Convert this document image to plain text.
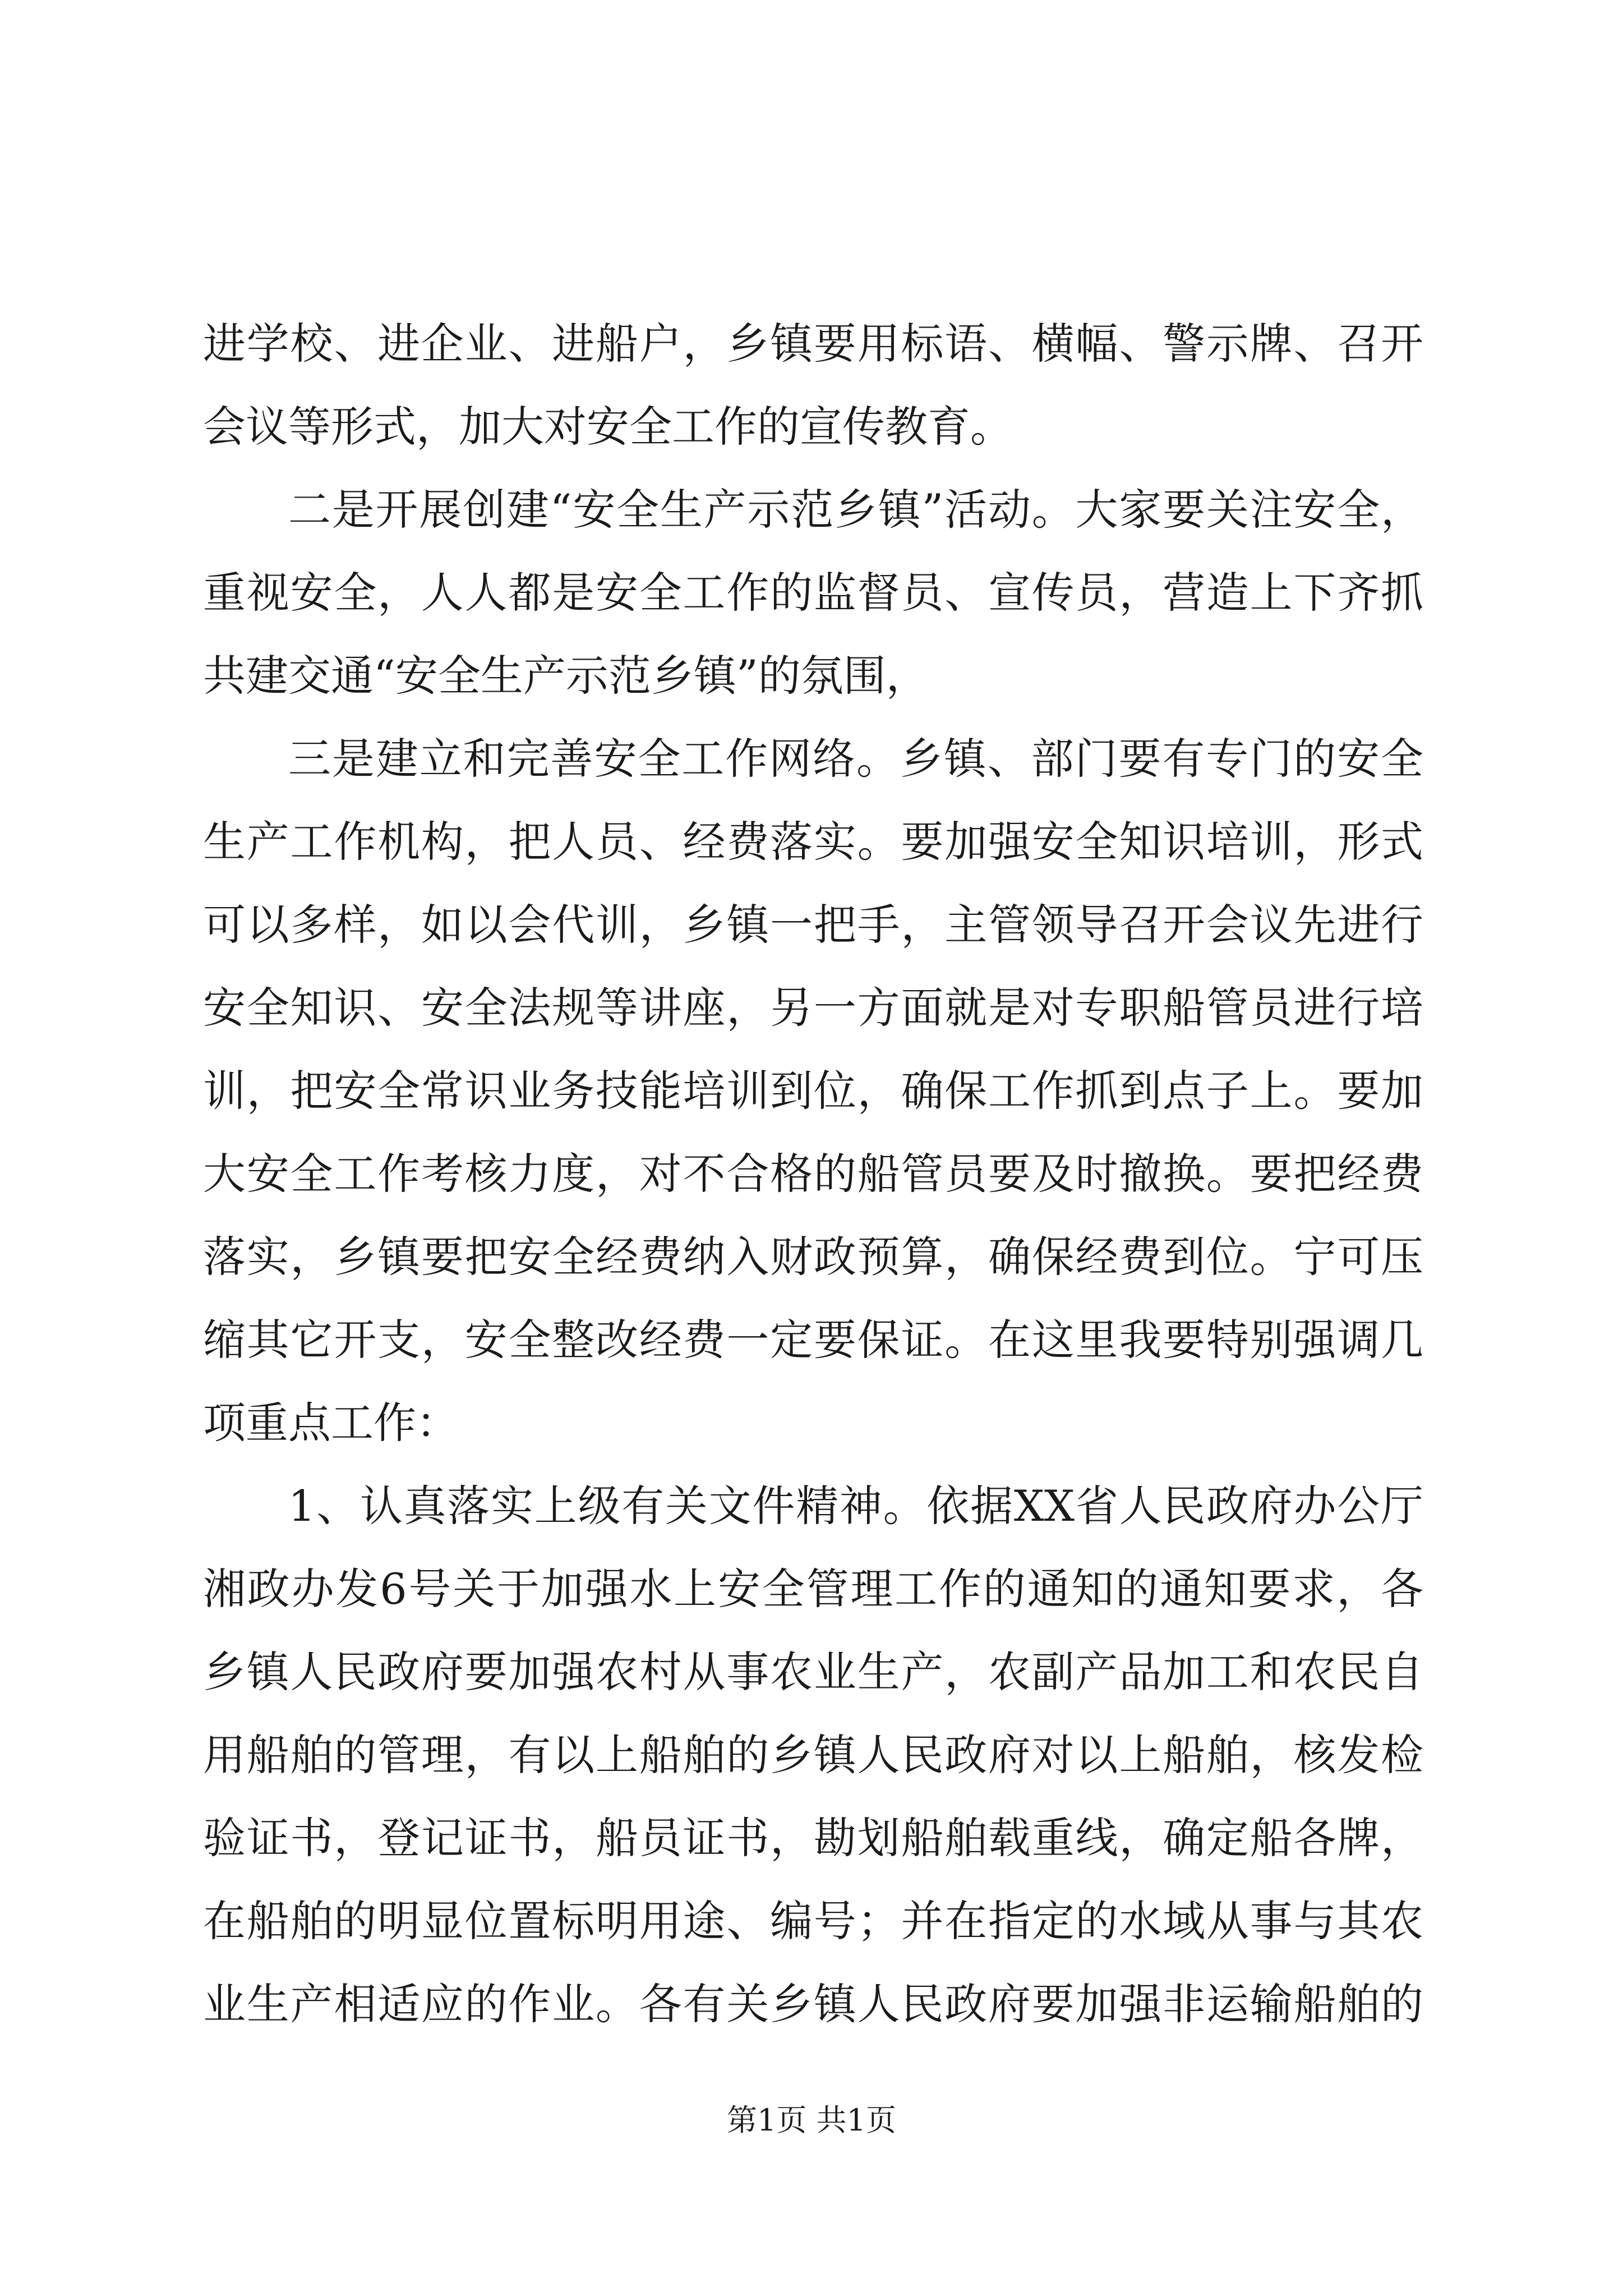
进学校、进企业、进船户，乡镇要用标语、横幅、警示牌、召开
会议等形式，加大对安全工作的宣传教育。
二是开展创建“安全生产示范乡镇”活动。大家要关注安全，
重视安全，人人都是安全工作的监督员、宣传员，营造上下齐抓
共建交通“安全生产示范乡镇”的氛围，
三是建立和完善安全工作网络。乡镇、部门要有专门的安全
生产工作机构，把人员、经费落实。要加强安全知识培训，形式
可以多样，如以会代训，乡镇一把手，主管领导召开会议先进行
安全知识、安全法规等讲座，另一方面就是对专职船管员进行培
训，把安全常识业务技能培训到位，确保工作抓到点子上。要加
大安全工作考核力度，对不合格的船管员要及时撤换。要把经费
落实，乡镇要把安全经费纳入财政预算，确保经费到位。宁可压
缩其它开支，安全整改经费一定要保证。在这里我要特别强调几
项重点工作：
1、认真落实上级有关文件精神。依据XX省人民政府办公厅
湘政办发6号关于加强水上安全管理工作的通知的通知要求，各
乡镇人民政府要加强农村从事农业生产，农副产品加工和农民自
用船舶的管理，有以上船舶的乡镇人民政府对以上船舶，核发检
验证书，登记证书，船员证书，勘划船舶载重线，确定船各牌，
在船舶的明显位置标明用途、编号；并在指定的水域从事与其农
业生产相适应的作业。各有关乡镇人民政府要加强非运输船舶的
第1页 共1页
